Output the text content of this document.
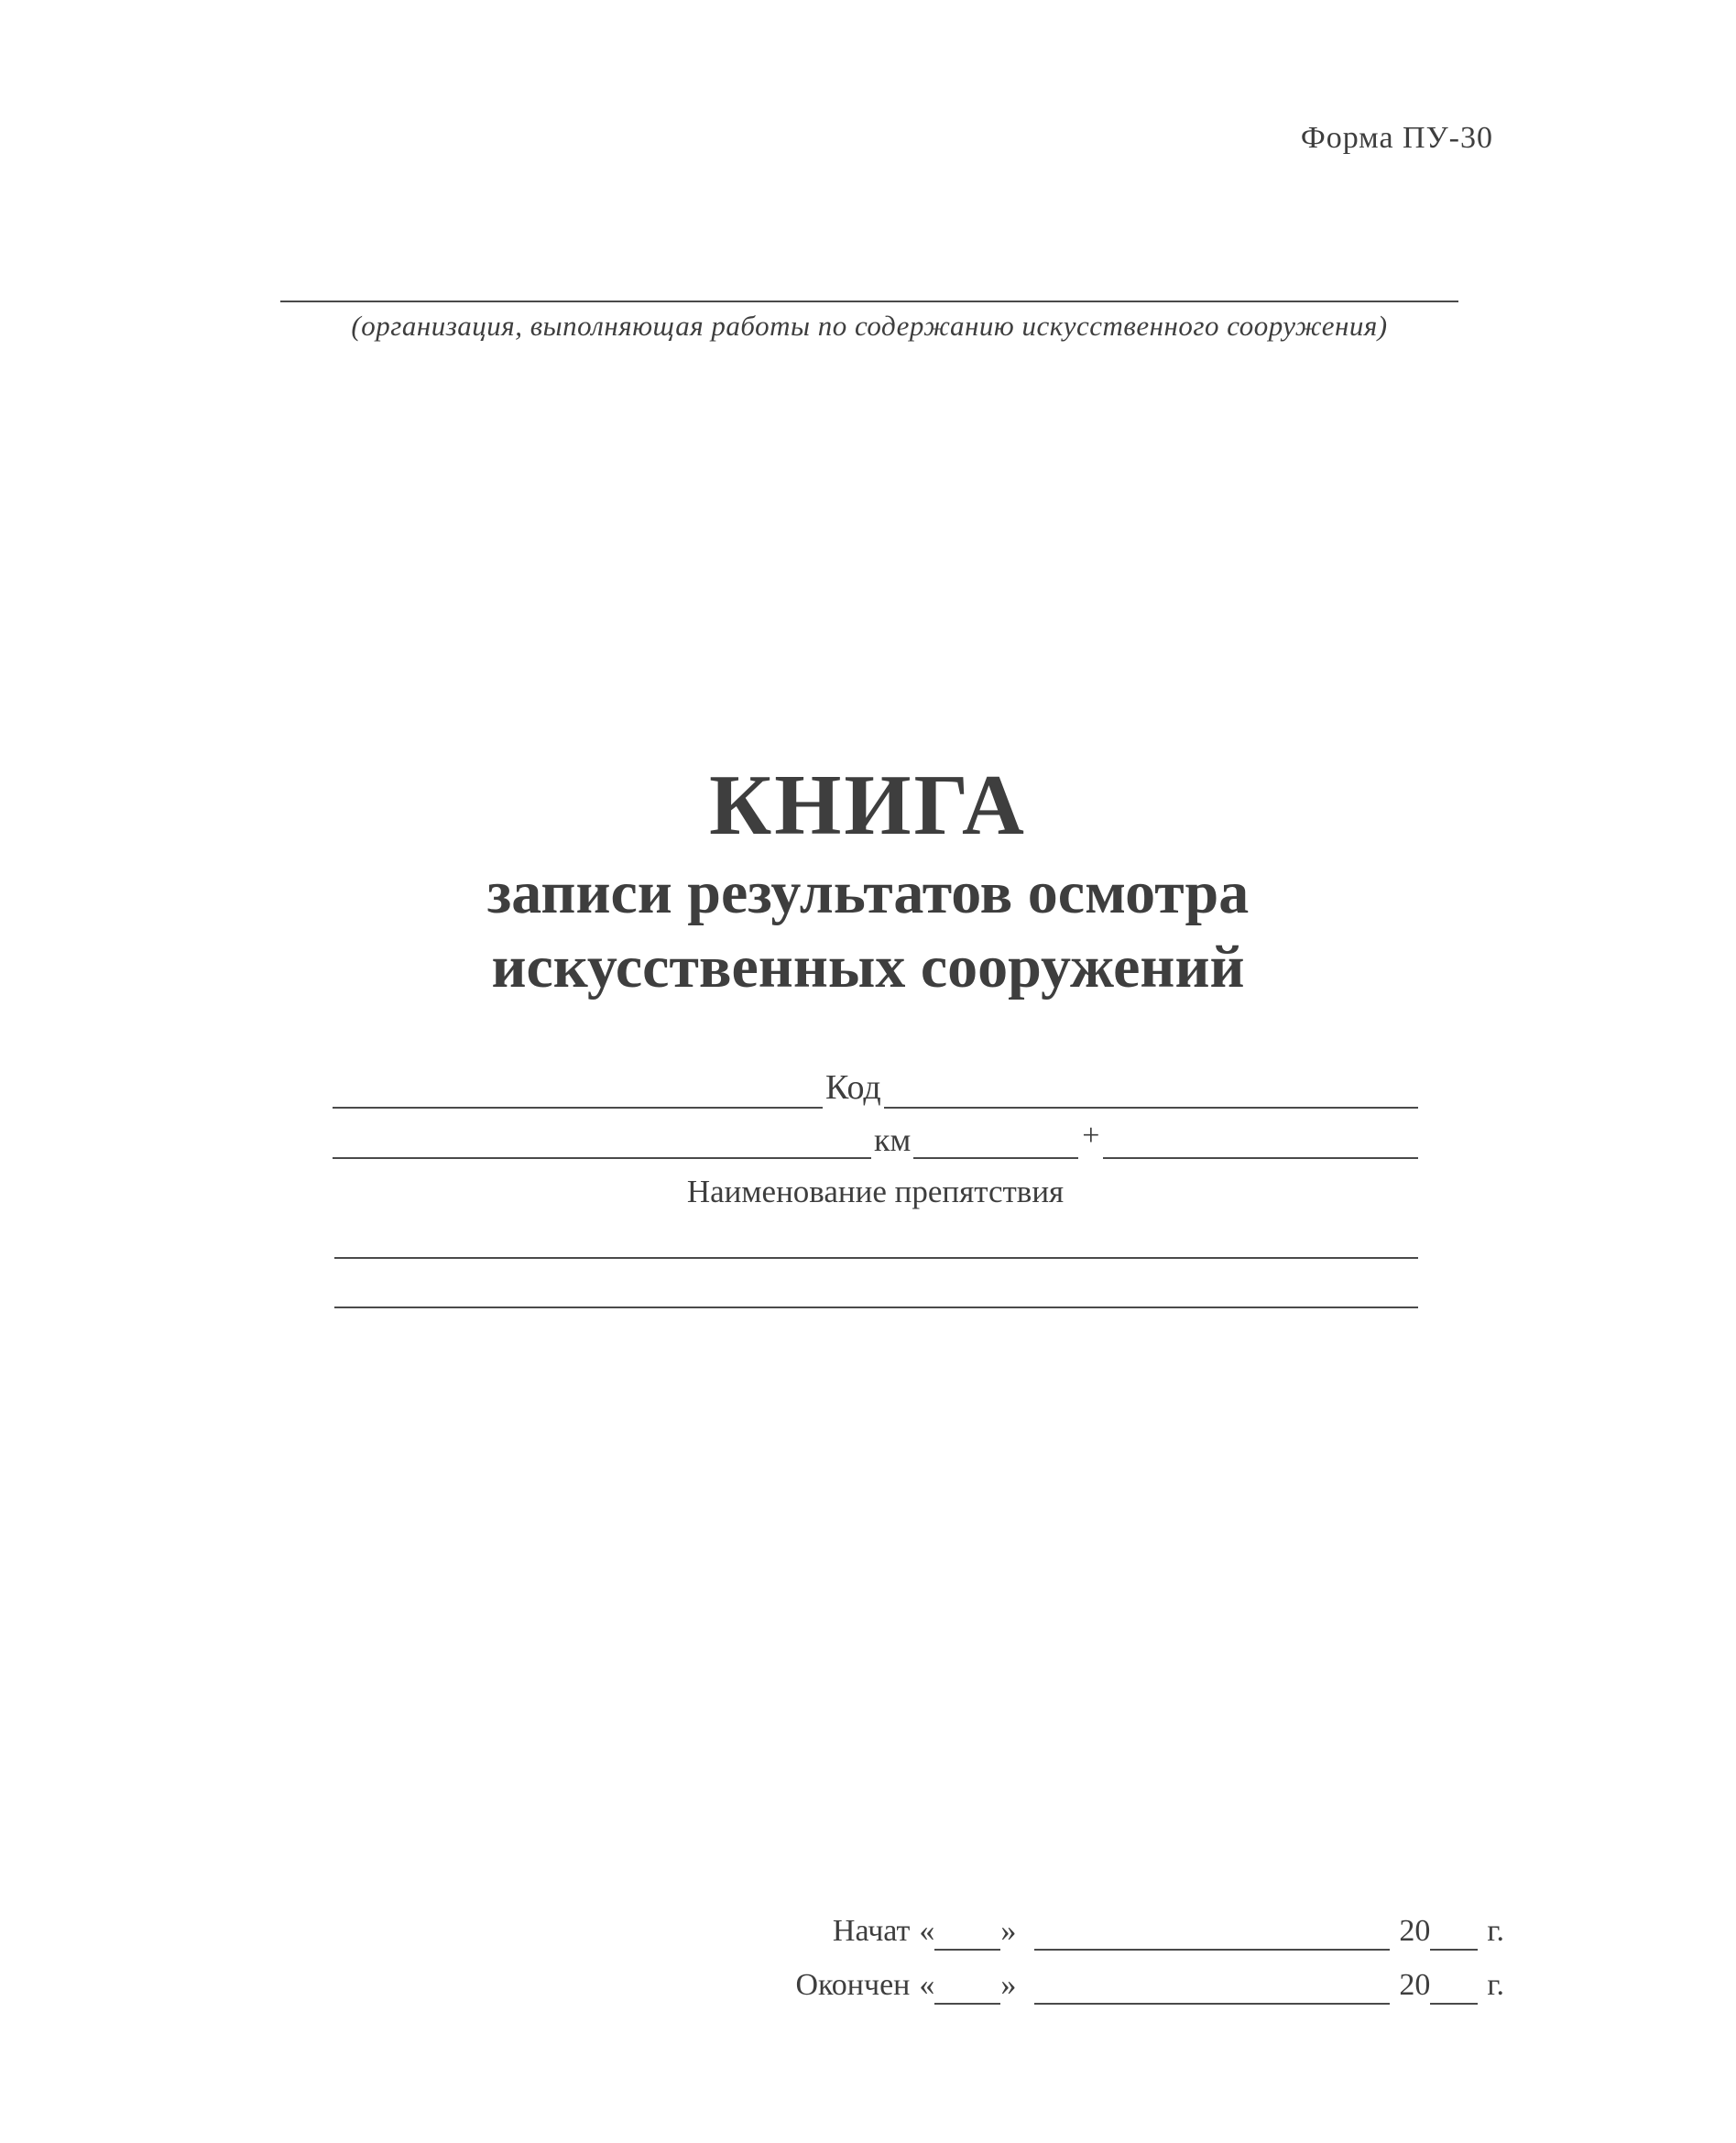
Форма ПУ-30
(организация, выполняющая работы по содержанию искусственного сооружения)
КНИГА
записи результатов осмотра
искусственных сооружений
Код
км	+
Наименование препятствия
Начат « »	20 г.
Окончен « »	20 г.
